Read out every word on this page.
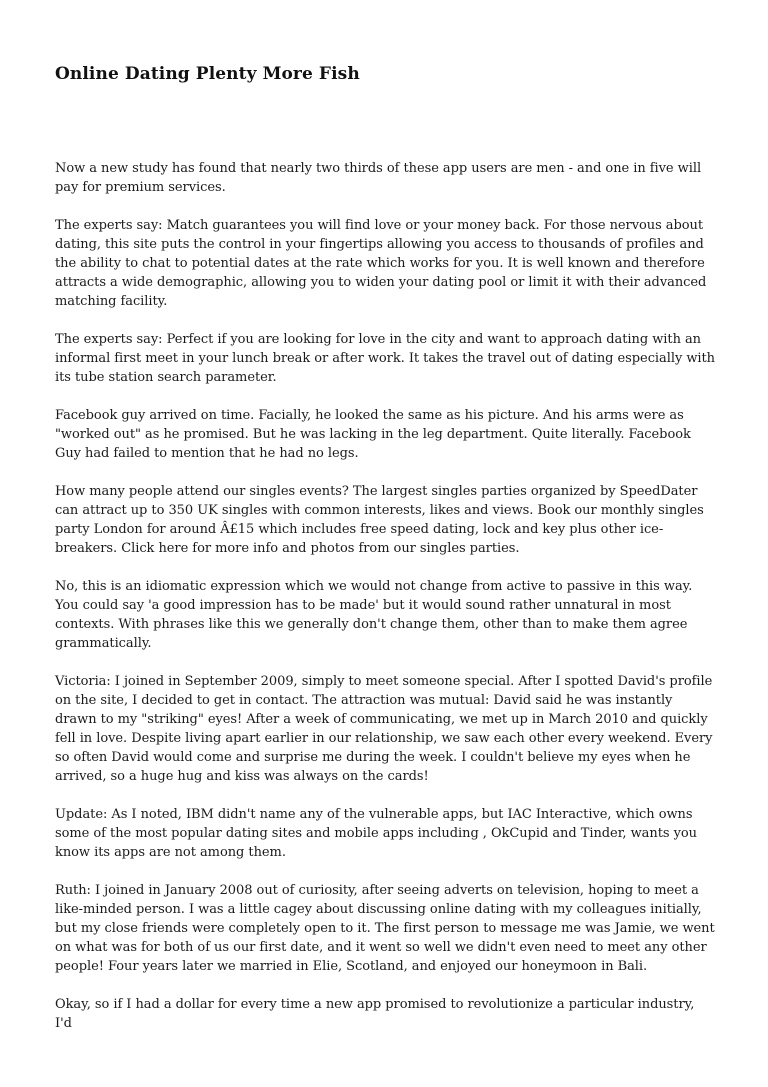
Online Dating Plenty More Fish

Now a new study has found that nearly two thirds of these app users are men - and one in five will pay for premium services.

The experts say: Match guarantees you will find love or your money back. For those nervous about dating, this site puts the control in your fingertips allowing you access to thousands of profiles and the ability to chat to potential dates at the rate which works for you. It is well known and therefore attracts a wide demographic, allowing you to widen your dating pool or limit it with their advanced matching facility.

The experts say: Perfect if you are looking for love in the city and want to approach dating with an informal first meet in your lunch break or after work. It takes the travel out of dating especially with its tube station search parameter.

Facebook guy arrived on time. Facially, he looked the same as his picture. And his arms were as "worked out" as he promised. But he was lacking in the leg department. Quite literally. Facebook Guy had failed to mention that he had no legs.

How many people attend our singles events? The largest singles parties organized by SpeedDater can attract up to 350 UK singles with common interests, likes and views. Book our monthly singles party London for around Â£15 which includes free speed dating, lock and key plus other ice-breakers. Click here for more info and photos from our singles parties.

No, this is an idiomatic expression which we would not change from active to passive in this way. You could say 'a good impression has to be made' but it would sound rather unnatural in most contexts. With phrases like this we generally don't change them, other than to make them agree grammatically.

Victoria: I joined in September 2009, simply to meet someone special. After I spotted David's profile on the site, I decided to get in contact. The attraction was mutual: David said he was instantly drawn to my "striking" eyes! After a week of communicating, we met up in March 2010 and quickly fell in love. Despite living apart earlier in our relationship, we saw each other every weekend. Every so often David would come and surprise me during the week. I couldn't believe my eyes when he arrived, so a huge hug and kiss was always on the cards!

Update: As I noted, IBM didn't name any of the vulnerable apps, but IAC Interactive, which owns some of the most popular dating sites and mobile apps including , OkCupid and Tinder, wants you know its apps are not among them.

Ruth: I joined in January 2008 out of curiosity, after seeing adverts on television, hoping to meet a like-minded person. I was a little cagey about discussing online dating with my colleagues initially, but my close friends were completely open to it. The first person to message me was Jamie, we went on what was for both of us our first date, and it went so well we didn't even need to meet any other people! Four years later we married in Elie, Scotland, and enjoyed our honeymoon in Bali.

Okay, so if I had a dollar for every time a new app promised to revolutionize a particular industry, I'd
